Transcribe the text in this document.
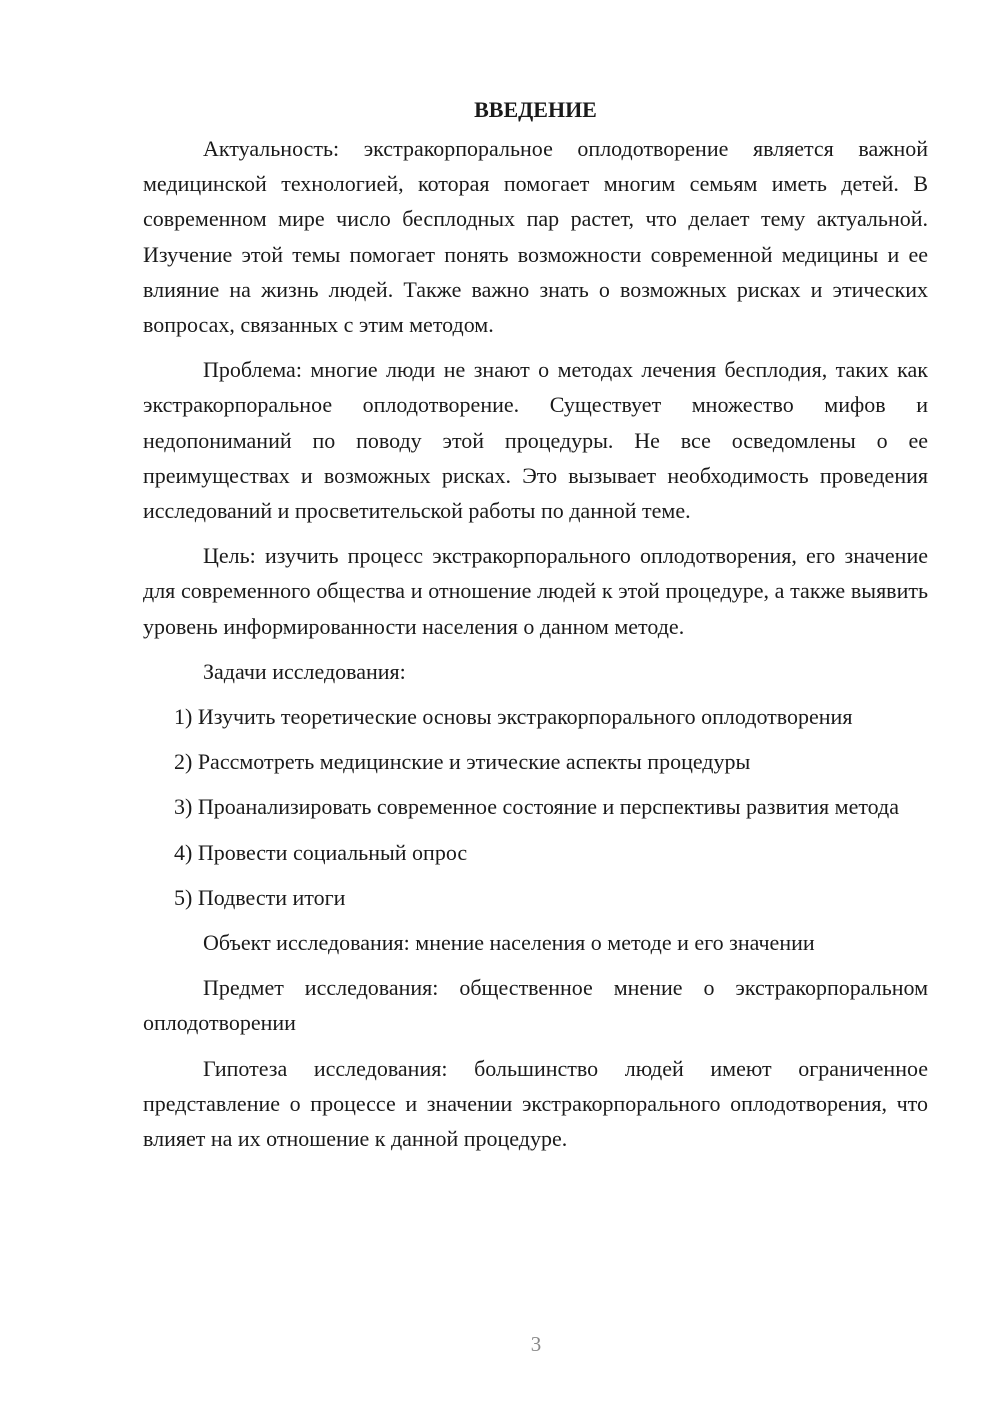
ВВЕДЕНИЕ

Актуальность: экстракорпоральное оплодотворение является важной медицинской технологией, которая помогает многим семьям иметь детей. В современном мире число бесплодных пар растет, что делает тему актуальной. Изучение этой темы помогает понять возможности современной медицины и ее влияние на жизнь людей. Также важно знать о возможных рисках и этических вопросах, связанных с этим методом.

Проблема: многие люди не знают о методах лечения бесплодия, таких как экстракорпоральное оплодотворение. Существует множество мифов и недопониманий по поводу этой процедуры. Не все осведомлены о ее преимуществах и возможных рисках. Это вызывает необходимость проведения исследований и просветительской работы по данной теме.

Цель: изучить процесс экстракорпорального оплодотворения, его значение для современного общества и отношение людей к этой процедуре, а также выявить уровень информированности населения о данном методе.

Задачи исследования:

1) Изучить теоретические основы экстракорпорального оплодотворения

2) Рассмотреть медицинские и этические аспекты процедуры

3) Проанализировать современное состояние и перспективы развития метода

4) Провести социальный опрос

5) Подвести итоги

Объект исследования: мнение населения о методе и его значении

Предмет исследования: общественное мнение о экстракорпоральном оплодотворении

Гипотеза исследования: большинство людей имеют ограниченное представление о процессе и значении экстракорпорального оплодотворения, что влияет на их отношение к данной процедуре.

3
